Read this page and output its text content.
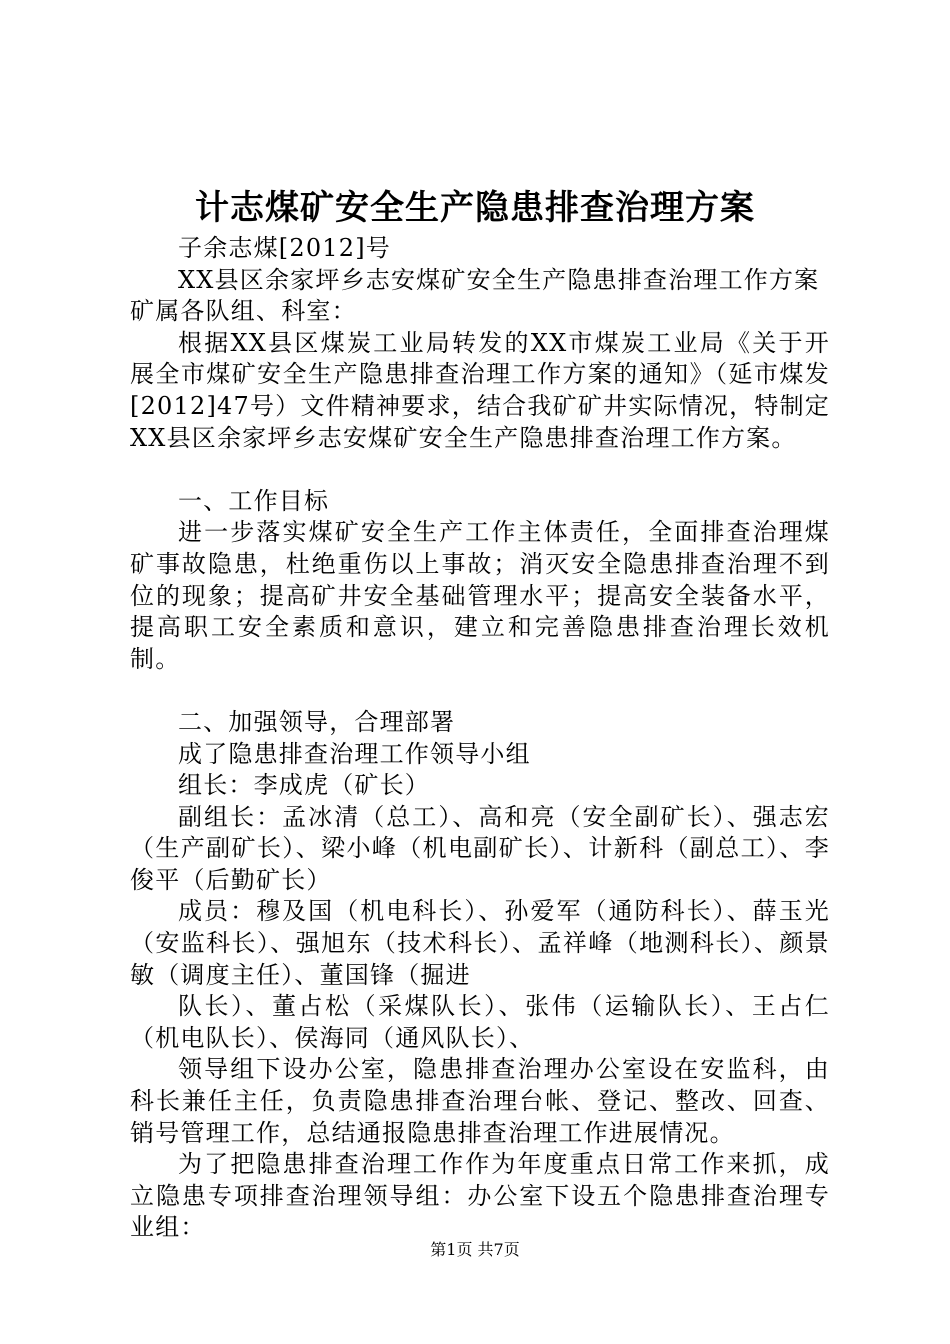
计志煤矿安全生产隐患排查治理方案

子余志煤[2012]号

XX县区余家坪乡志安煤矿安全生产隐患排查治理工作方案

矿属各队组、科室：

根据XX县区煤炭工业局转发的XX市煤炭工业局《关于开展全市煤矿安全生产隐患排查治理工作方案的通知》（延市煤发[2012]47号）文件精神要求，结合我矿矿井实际情况，特制定XX县区余家坪乡志安煤矿安全生产隐患排查治理工作方案。

一、工作目标

进一步落实煤矿安全生产工作主体责任，全面排查治理煤矿事故隐患，杜绝重伤以上事故；消灭安全隐患排查治理不到位的现象；提高矿井安全基础管理水平；提高安全装备水平，提高职工安全素质和意识，建立和完善隐患排查治理长效机制。

二、加强领导，合理部署

成了隐患排查治理工作领导小组

组长：李成虎（矿长）

副组长：孟冰清（总工）、高和亮（安全副矿长）、强志宏（生产副矿长）、梁小峰（机电副矿长）、计新科（副总工）、李俊平（后勤矿长）

成员：穆及国（机电科长）、孙爱军（通防科长）、薛玉光（安监科长）、强旭东（技术科长）、孟祥峰（地测科长）、颜景敏（调度主任）、董国锋（掘进

队长）、董占松（采煤队长）、张伟（运输队长）、王占仁（机电队长）、侯海同（通风队长）、

领导组下设办公室，隐患排查治理办公室设在安监科，由科长兼任主任，负责隐患排查治理台帐、登记、整改、回查、销号管理工作，总结通报隐患排查治理工作进展情况。

为了把隐患排查治理工作作为年度重点日常工作来抓，成立隐患专项排查治理领导组：办公室下设五个隐患排查治理专业组：

第1页 共7页
